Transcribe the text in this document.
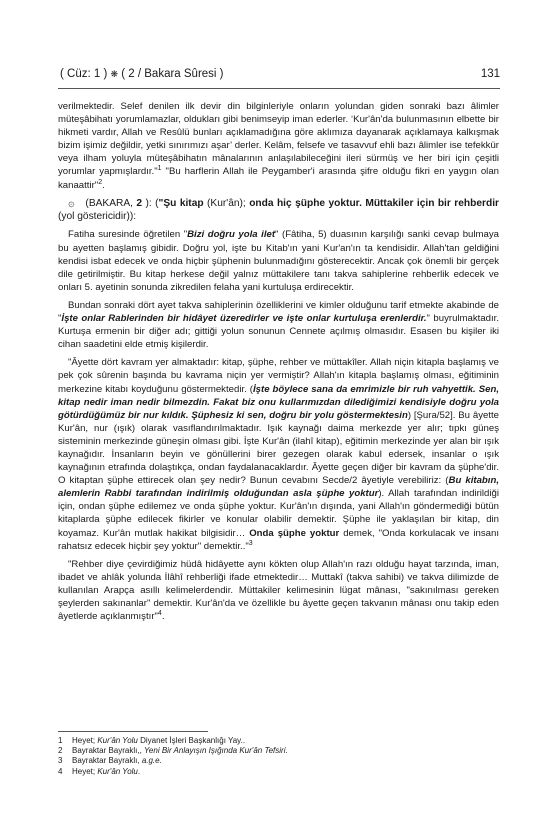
( Cüz: 1 ) ❋ ( 2 / Bakara Sûresi )	131

verilmektedir. Selef denilen ilk devir din bilginleriyle onların yolundan giden sonraki bazı âlimler müteşâbihatı yorumlamazlar, oldukları gibi benimseyip iman ederler. ‘Kur'ân'da bulunmasının elbette bir hikmeti vardır, Allah ve Resûlü bunları açıklamadığına göre aklımıza dayanarak açıklamaya kalkışmak bizim işimiz değildir, yetki sınırımızı aşar’ derler. Kelâm, felsefe ve tasavvuf ehli bazı âlimler ise tefekkür veya ilham yoluyla müteşâbihatın mânalarının anlaşılabileceğini ileri sürmüş ve her biri için çeşitli yorumlar yapmışlardır."$^1$ "Bu harflerin Allah ile Peygamber'i arasında şifre olduğu fikri en yaygın olan kanaattir"$^2$.

۞ (BAKARA, 2 ): ("Şu kitap (Kur'ân); onda hiç şüphe yoktur. Müttakiler için bir rehberdir (yol göstericidir)):

Fatiha suresinde öğretilen "Bizi doğru yola ilet" (Fâtiha, 5) duasının karşılığı sanki cevap bulmaya bu ayetten başlamış gibidir. Doğru yol, işte bu Kitab'ın yani Kur'an'ın ta kendisidir. Allah'tan geldiğini kendisi isbat edecek ve onda hiçbir şüphenin bulunmadığını gösterecektir. Ancak çok önemli bir gerçek dile getirilmiştir. Bu kitap herkese değil yalnız müttakilere tanı takva sahiplerine rehberlik edecek ve onları 5. ayetinin sonunda zikredilen felaha yani kurtuluşa erdirecektir.

Bundan sonraki dört ayet takva sahiplerinin özelliklerini ve kimler olduğunu tarif etmekte akabinde de "İşte onlar Rablerinden bir hidâyet üzeredirler ve işte onlar kurtuluşa erenlerdir." buyrulmaktadır. Kurtuşa ermenin bir diğer adı; gittiği yolun sonunun Cennete açılmış olmasıdır. Esasen bu kişiler iki cihan saadetini elde etmiş kişilerdir.

"Âyette dört kavram yer almaktadır: kitap, şüphe, rehber ve müttakîler. Allah niçin kitapla başlamış ve pek çok sûrenin başında bu kavrama niçin yer vermiştir? Allah'ın kitapla başlamış olması, eğitiminin merkezine kitabı koyduğunu göstermektedir. (İşte böylece sana da emrimizle bir ruh vahyettik. Sen, kitap nedir iman nedir bilmezdin. Fakat biz onu kullarımızdan dilediğimizi kendisiyle doğru yola götürdüğümüz bir nur kıldık. Şüphesiz ki sen, doğru bir yolu göstermektesin) [Şura/52]. Bu âyette Kur'ân, nur (ışık) olarak vasıflandırılmaktadır. Işık kaynağı daima merkezde yer alır; tıpkı güneş sisteminin merkezinde güneşin olması gibi. İşte Kur'ân (ilahî kitap), eğitimin merkezinde yer alan bir ışık kaynağıdır. İnsanların beyin ve gönüllerini birer gezegen olarak kabul edersek, insanlar o ışık kaynağının etrafında dolaştıkça, ondan faydalanacaklardır. Âyette geçen diğer bir kavram da şüphe'dir. O kitaptan şüphe ettirecek olan şey nedir? Bunun cevabını Secde/2 âyetiyle verebiliriz: (Bu kitabın, alemlerin Rabbi tarafından indirilmiş olduğundan asla şüphe yoktur). Allah tarafından indirildiği için, ondan şüphe edilemez ve onda şüphe yoktur. Kur'ân'ın dışında, yani Allah'ın göndermediği bütün kitaplarda şüphe edilecek fikirler ve konular olabilir demektir. Şüphe ile yaklaşılan bir kitap, din koyamaz. Kur'ân mutlak hakikat bilgisidir… Onda şüphe yoktur demek, "Onda korkulacak ve insanı rahatsız edecek hiçbir şey yoktur" demektir.."$^3$

"Rehber diye çevirdiğimiz hüdâ hidâyette aynı kökten olup Allah'ın razı olduğu hayat tarzında, iman, ibadet ve ahlâk yolunda İlâhî rehberliği ifade etmektedir… Muttakî (takva sahibi) ve takva dilimizde de kullanılan Arapça asıllı kelimelerdendir. Müttakiler kelimesinin lügat mânası, "sakınılması gereken şeylerden sakınanlar" demektir. Kur'ân'da ve özellikle bu âyette geçen takvanın mânası onu takip eden âyetlerde açıklanmıştır"$^4$.

1	Heyet; Kur'ân Yolu Diyanet İşleri Başkanlığı Yay..
2	Bayraktar Bayraklı,, Yeni Bir Anlayışın Işığında Kur'ân Tefsiri.
3	Bayraktar Bayraklı, a.g.e.
4	Heyet; Kur'ân Yolu.
